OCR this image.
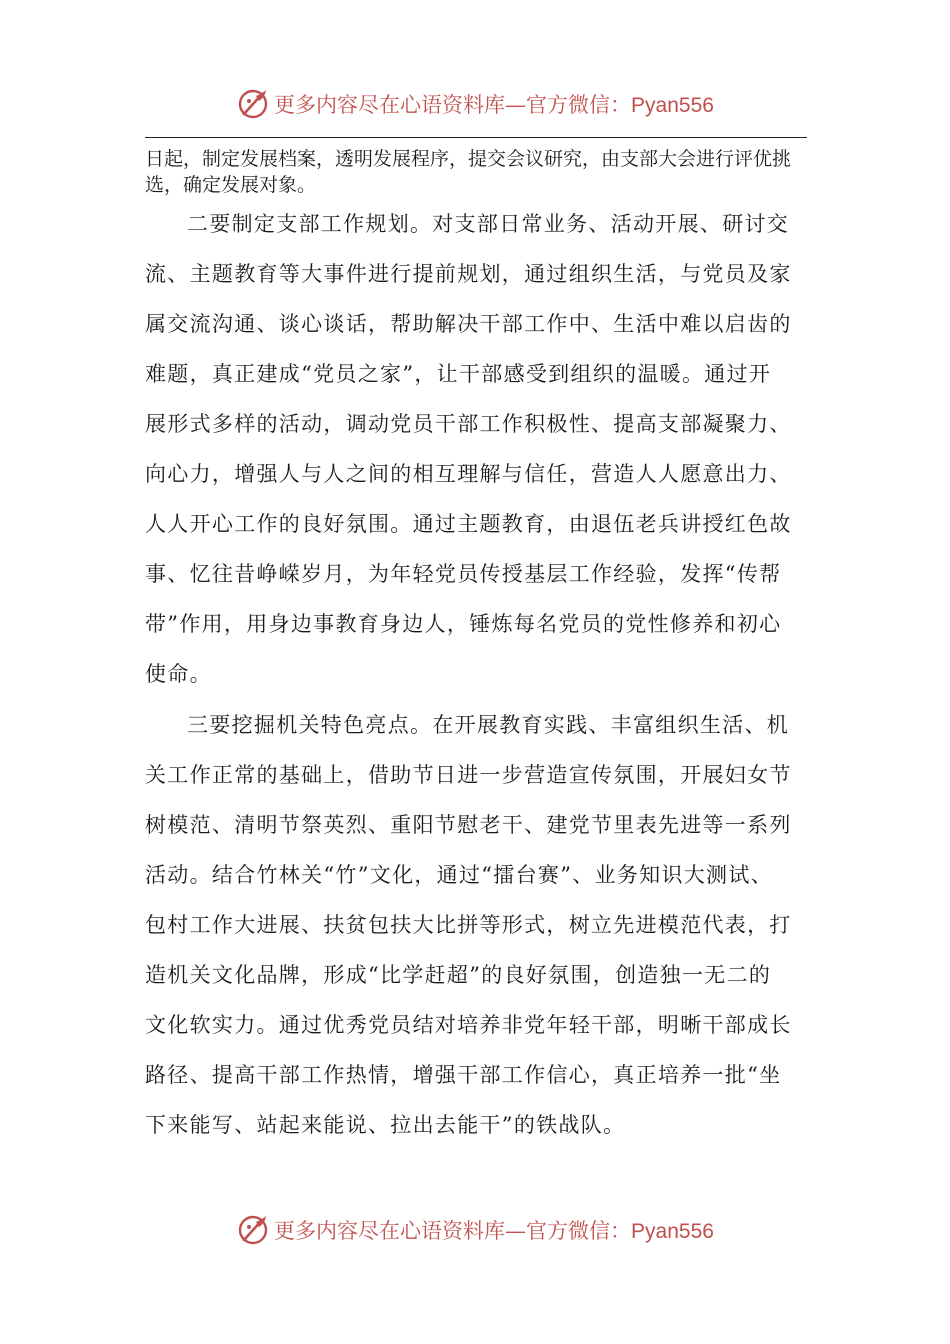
更多内容尽在心语资料库—官方微信：Pyan556

日起，制定发展档案，透明发展程序，提交会议研究，由支部大会进行评优挑

选，确定发展对象。

二要制定支部工作规划。对支部日常业务、活动开展、研讨交

流、主题教育等大事件进行提前规划，通过组织生活，与党员及家

属交流沟通、谈心谈话，帮助解决干部工作中、生活中难以启齿的

难题，真正建成“党员之家”，让干部感受到组织的温暖。通过开

展形式多样的活动，调动党员干部工作积极性、提高支部凝聚力、

向心力，增强人与人之间的相互理解与信任，营造人人愿意出力、

人人开心工作的良好氛围。通过主题教育，由退伍老兵讲授红色故

事、忆往昔峥嵘岁月，为年轻党员传授基层工作经验，发挥“传帮

带”作用，用身边事教育身边人，锤炼每名党员的党性修养和初心

使命。

三要挖掘机关特色亮点。在开展教育实践、丰富组织生活、机

关工作正常的基础上，借助节日进一步营造宣传氛围，开展妇女节

树模范、清明节祭英烈、重阳节慰老干、建党节里表先进等一系列

活动。结合竹林关“竹”文化，通过“擂台赛”、业务知识大测试、

包村工作大进展、扶贫包扶大比拼等形式，树立先进模范代表，打

造机关文化品牌，形成“比学赶超”的良好氛围，创造独一无二的

文化软实力。通过优秀党员结对培养非党年轻干部，明晰干部成长

路径、提高干部工作热情，增强干部工作信心，真正培养一批“坐

下来能写、站起来能说、拉出去能干”的铁战队。

更多内容尽在心语资料库—官方微信：Pyan556
